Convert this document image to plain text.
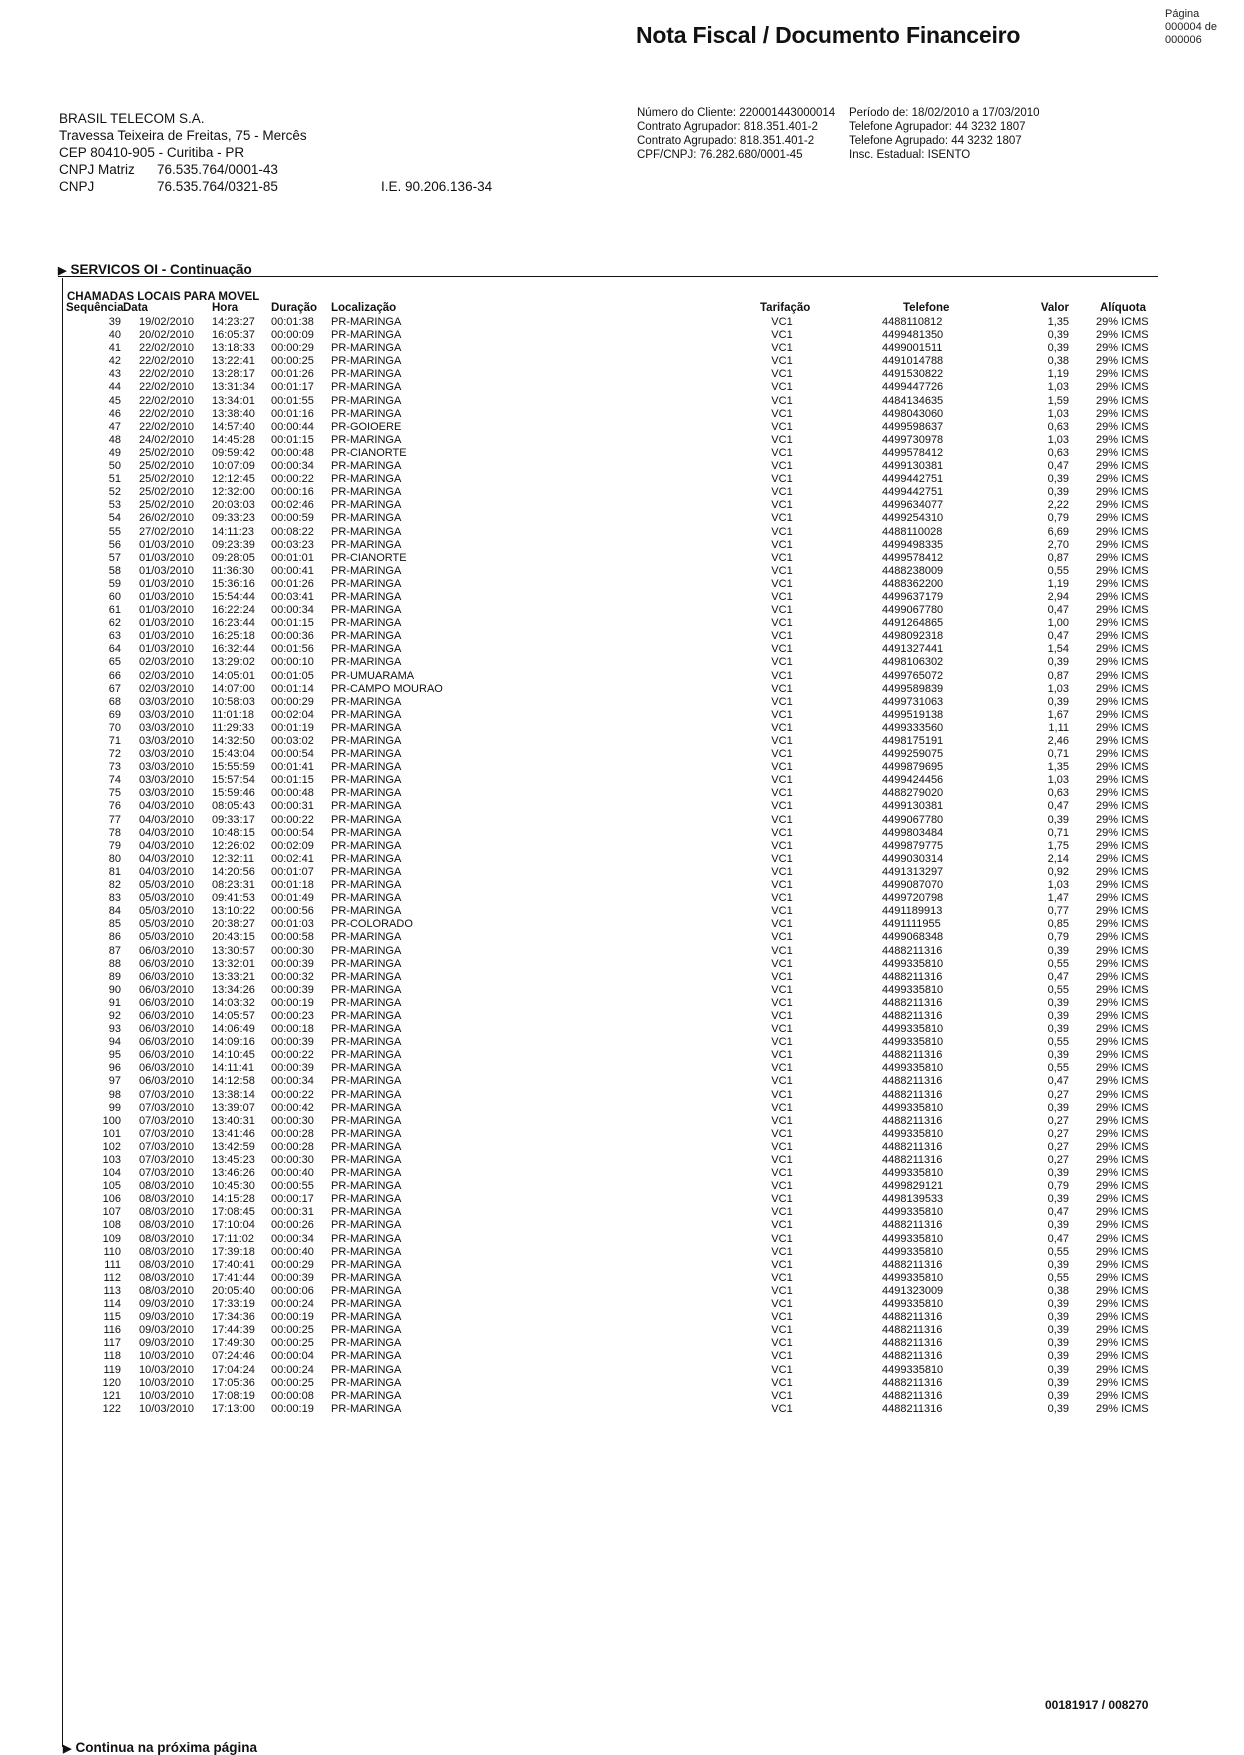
Nota Fiscal / Documento Financeiro
Página
000004 de
000006
BRASIL TELECOM S.A.
Travessa Teixeira de Freitas, 75 - Mercês
CEP 80410-905 - Curitiba - PR
CNPJ Matriz	76.535.764/0001-43
CNPJ	76.535.764/0321-85	I.E. 90.206.136-34
Número do Cliente: 220001443000014
Contrato Agrupador: 818.351.401-2
Contrato Agrupado: 818.351.401-2
CPF/CNPJ: 76.282.680/0001-45
Período de: 18/02/2010 a 17/03/2010
Telefone Agrupador: 44 3232 1807
Telefone Agrupado: 44 3232 1807
Insc. Estadual: ISENTO
▶ SERVICOS OI - Continuação
CHAMADAS LOCAIS PARA MOVEL
Sequência Data	Hora	Duração Localização	Tarifação	Telefone	Valor	Alíquota
39 19/02/2010 14:23:27 00:01:38 PR-MARINGA	VC1	4488110812	1,35 29% ICMS
40 20/02/2010 16:05:37 00:00:09 PR-MARINGA	VC1	4499481350	0,39 29% ICMS
41 22/02/2010 13:18:33 00:00:29 PR-MARINGA	VC1	4499001511	0,39 29% ICMS
42 22/02/2010 13:22:41 00:00:25 PR-MARINGA	VC1	4491014788	0,38 29% ICMS
43 22/02/2010 13:28:17 00:01:26 PR-MARINGA	VC1	4491530822	1,19 29% ICMS
44 22/02/2010 13:31:34 00:01:17 PR-MARINGA	VC1	4499447726	1,03 29% ICMS
45 22/02/2010 13:34:01 00:01:55 PR-MARINGA	VC1	4484134635	1,59 29% ICMS
46 22/02/2010 13:38:40 00:01:16 PR-MARINGA	VC1	4498043060	1,03 29% ICMS
47 22/02/2010 14:57:40 00:00:44 PR-GOIOERE	VC1	4499598637	0,63 29% ICMS
48 24/02/2010 14:45:28 00:01:15 PR-MARINGA	VC1	4499730978	1,03 29% ICMS
49 25/02/2010 09:59:42 00:00:48 PR-CIANORTE	VC1	4499578412	0,63 29% ICMS
50 25/02/2010 10:07:09 00:00:34 PR-MARINGA	VC1	4499130381	0,47 29% ICMS
51 25/02/2010 12:12:45 00:00:22 PR-MARINGA	VC1	4499442751	0,39 29% ICMS
52 25/02/2010 12:32:00 00:00:16 PR-MARINGA	VC1	4499442751	0,39 29% ICMS
53 25/02/2010 20:03:03 00:02:46 PR-MARINGA	VC1	4499634077	2,22 29% ICMS
54 26/02/2010 09:33:23 00:00:59 PR-MARINGA	VC1	4499254310	0,79 29% ICMS
55 27/02/2010 14:11:23 00:08:22 PR-MARINGA	VC1	4488110028	6,69 29% ICMS
56 01/03/2010 09:23:39 00:03:23 PR-MARINGA	VC1	4499498335	2,70 29% ICMS
57 01/03/2010 09:28:05 00:01:01 PR-CIANORTE	VC1	4499578412	0,87 29% ICMS
58 01/03/2010 11:36:30 00:00:41 PR-MARINGA	VC1	4488238009	0,55 29% ICMS
59 01/03/2010 15:36:16 00:01:26 PR-MARINGA	VC1	4488362200	1,19 29% ICMS
60 01/03/2010 15:54:44 00:03:41 PR-MARINGA	VC1	4499637179	2,94 29% ICMS
61 01/03/2010 16:22:24 00:00:34 PR-MARINGA	VC1	4499067780	0,47 29% ICMS
62 01/03/2010 16:23:44 00:01:15 PR-MARINGA	VC1	4491264865	1,00 29% ICMS
63 01/03/2010 16:25:18 00:00:36 PR-MARINGA	VC1	4498092318	0,47 29% ICMS
64 01/03/2010 16:32:44 00:01:56 PR-MARINGA	VC1	4491327441	1,54 29% ICMS
65 02/03/2010 13:29:02 00:00:10 PR-MARINGA	VC1	4498106302	0,39 29% ICMS
66 02/03/2010 14:05:01 00:01:05 PR-UMUARAMA	VC1	4499765072	0,87 29% ICMS
67 02/03/2010 14:07:00 00:01:14 PR-CAMPO MOURAO	VC1	4499589839	1,03 29% ICMS
68 03/03/2010 10:58:03 00:00:29 PR-MARINGA	VC1	4499731063	0,39 29% ICMS
69 03/03/2010 11:01:18 00:02:04 PR-MARINGA	VC1	4499519138	1,67 29% ICMS
70 03/03/2010 11:29:33 00:01:19 PR-MARINGA	VC1	4499333560	1,11 29% ICMS
71 03/03/2010 14:32:50 00:03:02 PR-MARINGA	VC1	4498175191	2,46 29% ICMS
72 03/03/2010 15:43:04 00:00:54 PR-MARINGA	VC1	4499259075	0,71 29% ICMS
73 03/03/2010 15:55:59 00:01:41 PR-MARINGA	VC1	4499879695	1,35 29% ICMS
74 03/03/2010 15:57:54 00:01:15 PR-MARINGA	VC1	4499424456	1,03 29% ICMS
75 03/03/2010 15:59:46 00:00:48 PR-MARINGA	VC1	4488279020	0,63 29% ICMS
76 04/03/2010 08:05:43 00:00:31 PR-MARINGA	VC1	4499130381	0,47 29% ICMS
77 04/03/2010 09:33:17 00:00:22 PR-MARINGA	VC1	4499067780	0,39 29% ICMS
78 04/03/2010 10:48:15 00:00:54 PR-MARINGA	VC1	4499803484	0,71 29% ICMS
79 04/03/2010 12:26:02 00:02:09 PR-MARINGA	VC1	4499879775	1,75 29% ICMS
80 04/03/2010 12:32:11 00:02:41 PR-MARINGA	VC1	4499030314	2,14 29% ICMS
81 04/03/2010 14:20:56 00:01:07 PR-MARINGA	VC1	4491313297	0,92 29% ICMS
82 05/03/2010 08:23:31 00:01:18 PR-MARINGA	VC1	4499087070	1,03 29% ICMS
83 05/03/2010 09:41:53 00:01:49 PR-MARINGA	VC1	4499720798	1,47 29% ICMS
84 05/03/2010 13:10:22 00:00:56 PR-MARINGA	VC1	4491189913	0,77 29% ICMS
85 05/03/2010 20:38:27 00:01:03 PR-COLORADO	VC1	4491111955	0,85 29% ICMS
86 05/03/2010 20:43:15 00:00:58 PR-MARINGA	VC1	4499068348	0,79 29% ICMS
87 06/03/2010 13:30:57 00:00:30 PR-MARINGA	VC1	4488211316	0,39 29% ICMS
88 06/03/2010 13:32:01 00:00:39 PR-MARINGA	VC1	4499335810	0,55 29% ICMS
89 06/03/2010 13:33:21 00:00:32 PR-MARINGA	VC1	4488211316	0,47 29% ICMS
90 06/03/2010 13:34:26 00:00:39 PR-MARINGA	VC1	4499335810	0,55 29% ICMS
91 06/03/2010 14:03:32 00:00:19 PR-MARINGA	VC1	4488211316	0,39 29% ICMS
92 06/03/2010 14:05:57 00:00:23 PR-MARINGA	VC1	4488211316	0,39 29% ICMS
93 06/03/2010 14:06:49 00:00:18 PR-MARINGA	VC1	4499335810	0,39 29% ICMS
94 06/03/2010 14:09:16 00:00:39 PR-MARINGA	VC1	4499335810	0,55 29% ICMS
95 06/03/2010 14:10:45 00:00:22 PR-MARINGA	VC1	4488211316	0,39 29% ICMS
96 06/03/2010 14:11:41 00:00:39 PR-MARINGA	VC1	4499335810	0,55 29% ICMS
97 06/03/2010 14:12:58 00:00:34 PR-MARINGA	VC1	4488211316	0,47 29% ICMS
98 07/03/2010 13:38:14 00:00:22 PR-MARINGA	VC1	4488211316	0,27 29% ICMS
99 07/03/2010 13:39:07 00:00:42 PR-MARINGA	VC1	4499335810	0,39 29% ICMS
100 07/03/2010 13:40:31 00:00:30 PR-MARINGA	VC1	4488211316	0,27 29% ICMS
101 07/03/2010 13:41:46 00:00:28 PR-MARINGA	VC1	4499335810	0,27 29% ICMS
102 07/03/2010 13:42:59 00:00:28 PR-MARINGA	VC1	4488211316	0,27 29% ICMS
103 07/03/2010 13:45:23 00:00:30 PR-MARINGA	VC1	4488211316	0,27 29% ICMS
104 07/03/2010 13:46:26 00:00:40 PR-MARINGA	VC1	4499335810	0,39 29% ICMS
105 08/03/2010 10:45:30 00:00:55 PR-MARINGA	VC1	4499829121	0,79 29% ICMS
106 08/03/2010 14:15:28 00:00:17 PR-MARINGA	VC1	4498139533	0,39 29% ICMS
107 08/03/2010 17:08:45 00:00:31 PR-MARINGA	VC1	4499335810	0,47 29% ICMS
108 08/03/2010 17:10:04 00:00:26 PR-MARINGA	VC1	4488211316	0,39 29% ICMS
109 08/03/2010 17:11:02 00:00:34 PR-MARINGA	VC1	4499335810	0,47 29% ICMS
110 08/03/2010 17:39:18 00:00:40 PR-MARINGA	VC1	4499335810	0,55 29% ICMS
111 08/03/2010 17:40:41 00:00:29 PR-MARINGA	VC1	4488211316	0,39 29% ICMS
112 08/03/2010 17:41:44 00:00:39 PR-MARINGA	VC1	4499335810	0,55 29% ICMS
113 08/03/2010 20:05:40 00:00:06 PR-MARINGA	VC1	4491323009	0,38 29% ICMS
114 09/03/2010 17:33:19 00:00:24 PR-MARINGA	VC1	4499335810	0,39 29% ICMS
115 09/03/2010 17:34:36 00:00:19 PR-MARINGA	VC1	4488211316	0,39 29% ICMS
116 09/03/2010 17:44:39 00:00:25 PR-MARINGA	VC1	4488211316	0,39 29% ICMS
117 09/03/2010 17:49:30 00:00:25 PR-MARINGA	VC1	4488211316	0,39 29% ICMS
118 10/03/2010 07:24:46 00:00:04 PR-MARINGA	VC1	4488211316	0,39 29% ICMS
119 10/03/2010 17:04:24 00:00:24 PR-MARINGA	VC1	4499335810	0,39 29% ICMS
120 10/03/2010 17:05:36 00:00:25 PR-MARINGA	VC1	4488211316	0,39 29% ICMS
121 10/03/2010 17:08:19 00:00:08 PR-MARINGA	VC1	4488211316	0,39 29% ICMS
122 10/03/2010 17:13:00 00:00:19 PR-MARINGA	VC1	4488211316	0,39 29% ICMS
▶ Continua na próxima página
00181917 / 008270
